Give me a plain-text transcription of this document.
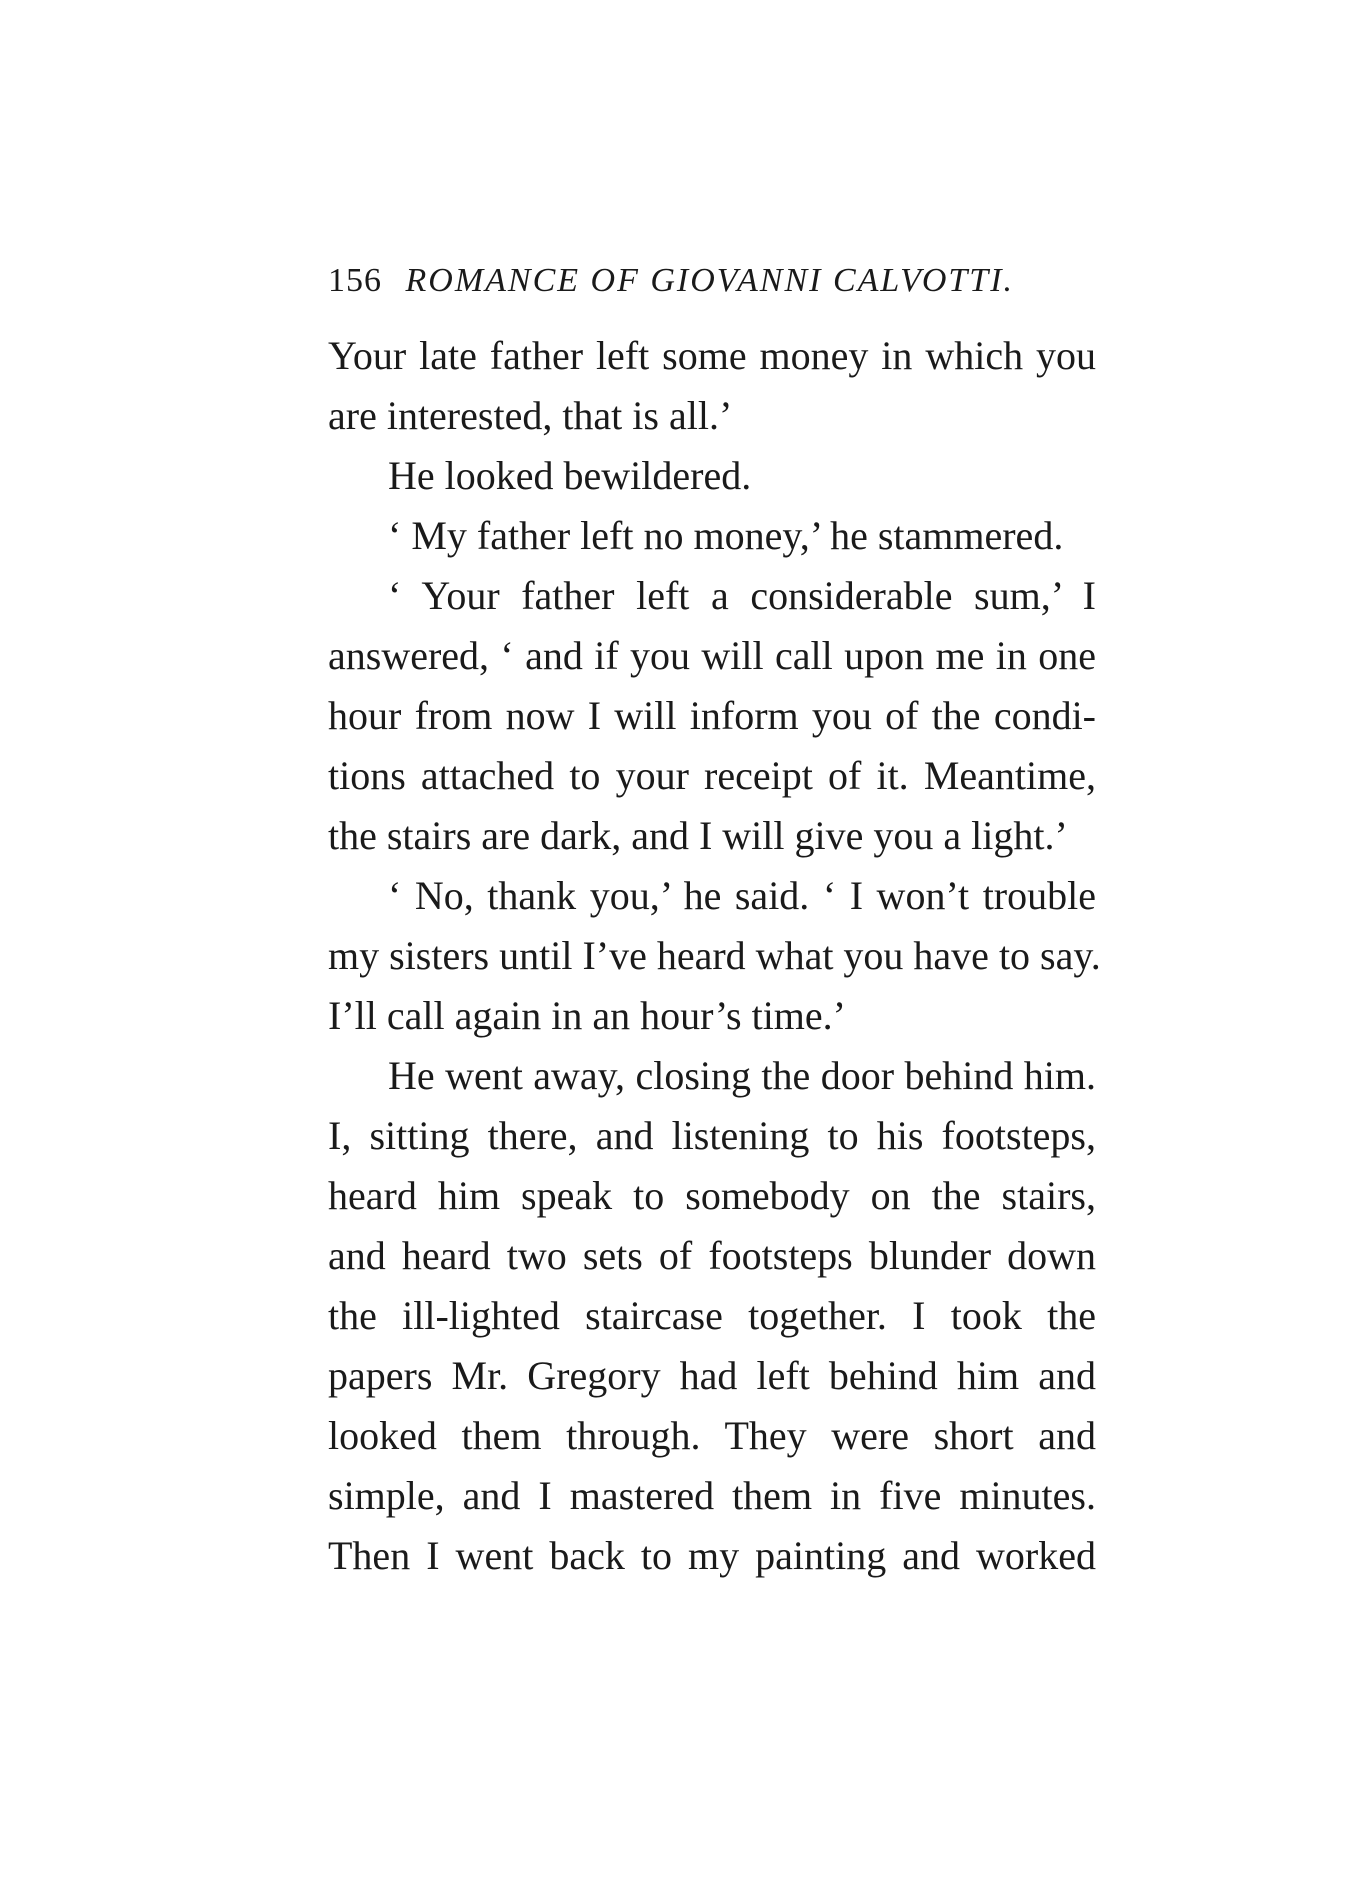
156 ROMANCE OF GIOVANNI CALVOTTI.
Your late father left some money in which you
are interested, that is all.’
He looked bewildered.
‘ My father left no money,’ he stammered.
‘ Your father left a considerable sum,’ I
answered, ‘ and if you will call upon me in one
hour from now I will inform you of the condi-
tions attached to your receipt of it. Meantime,
the stairs are dark, and I will give you a light.’
‘ No, thank you,’ he said. ‘ I won’t trouble
my sisters until I’ve heard what you have to say.
I’ll call again in an hour’s time.’
He went away, closing the door behind him.
I, sitting there, and listening to his footsteps,
heard him speak to somebody on the stairs,
and heard two sets of footsteps blunder down
the ill-lighted staircase together. I took the
papers Mr. Gregory had left behind him and
looked them through. They were short and
simple, and I mastered them in five minutes.
Then I went back to my painting and worked
